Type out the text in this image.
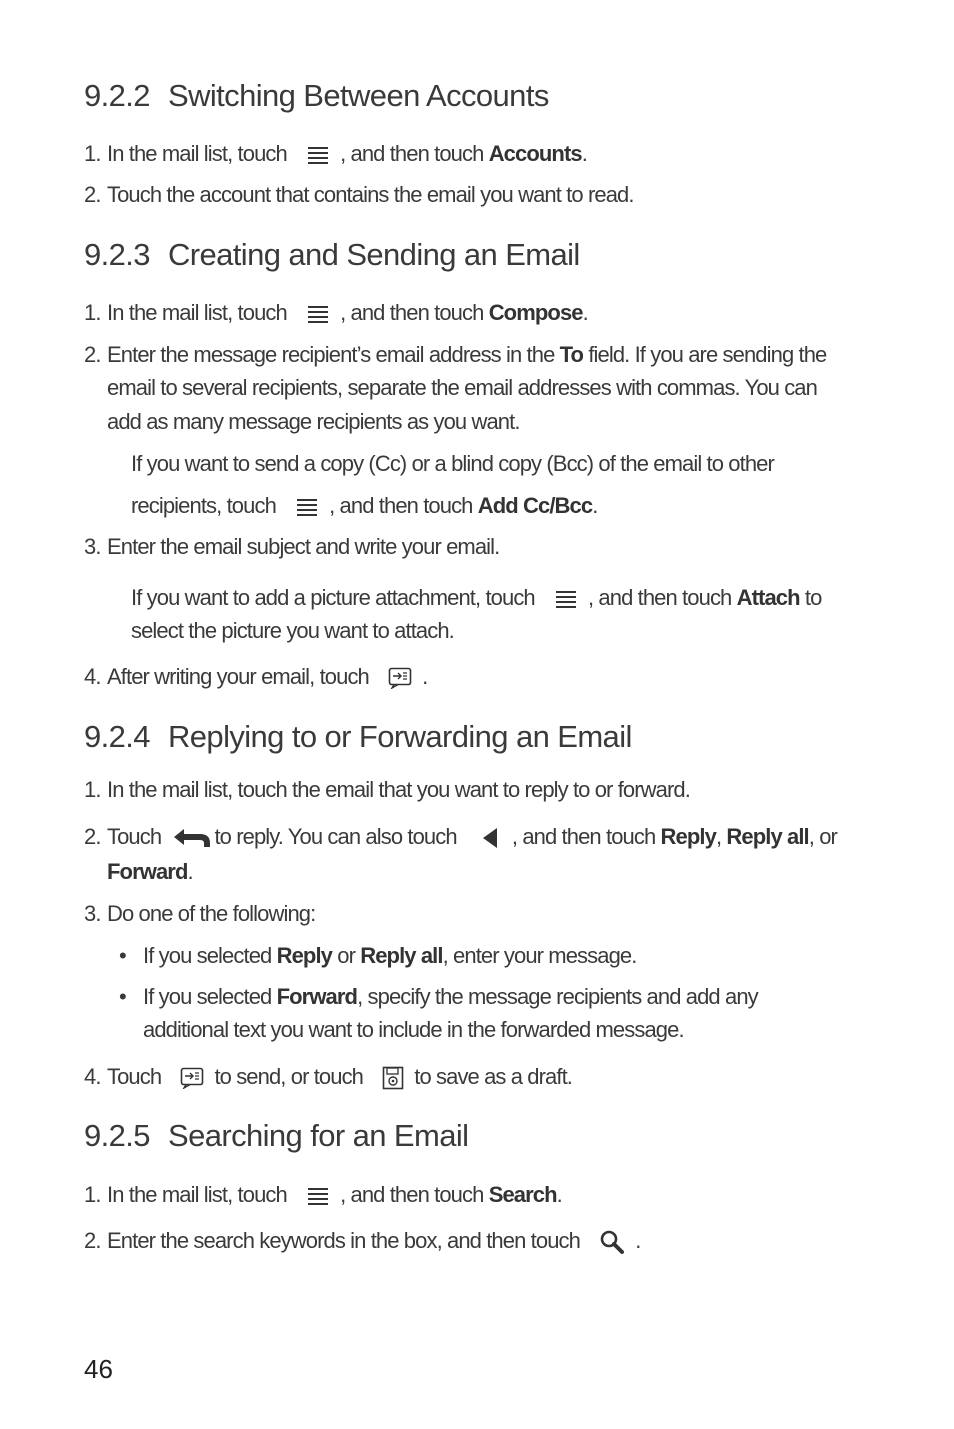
9.2.2 Switching Between Accounts
1. In the mail list, touch , and then touch Accounts.
2. Touch the account that contains the email you want to read.
9.2.3 Creating and Sending an Email
1. In the mail list, touch , and then touch Compose.
2. Enter the message recipient’s email address in the To field. If you are sending the
email to several recipients, separate the email addresses with commas. You can
add as many message recipients as you want.
If you want to send a copy (Cc) or a blind copy (Bcc) of the email to other
recipients, touch , and then touch Add Cc/Bcc.
3. Enter the email subject and write your email.
If you want to add a picture attachment, touch , and then touch Attach to
select the picture you want to attach.
4. After writing your email, touch .
9.2.4 Replying to or Forwarding an Email
1. In the mail list, touch the email that you want to reply to or forward.
2. Touch to reply. You can also touch	, and then touch Reply, Reply all, or
Forward.
3. Do one of the following:
• If you selected Reply or Reply all, enter your message.
• If you selected Forward, specify the message recipients and add any
additional text you want to include in the forwarded message.
4. Touch to send, or touch to save as a draft.
9.2.5 Searching for an Email
1. In the mail list, touch , and then touch Search.
2. Enter the search keywords in the box, and then touch	.
46
